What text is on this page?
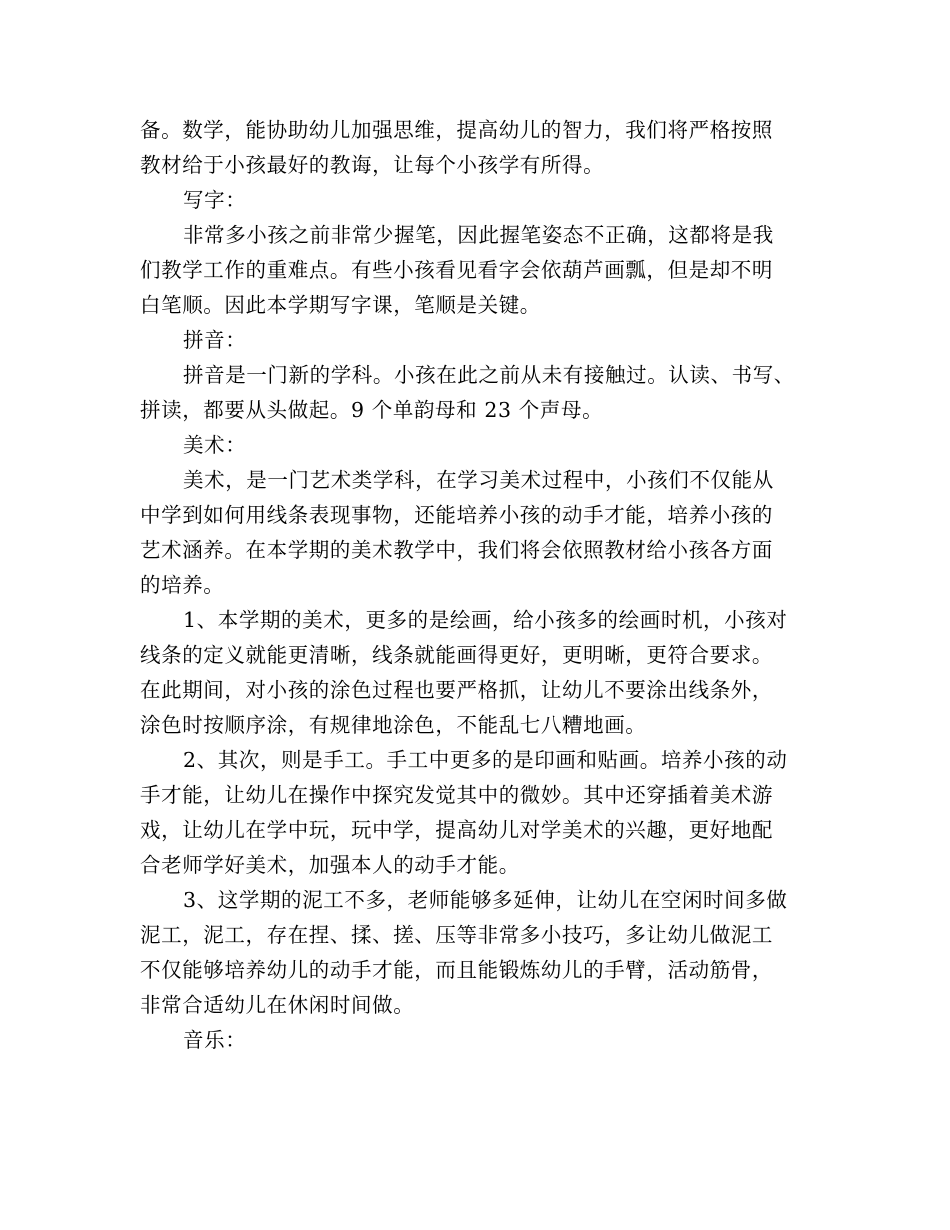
备。数学，能协助幼儿加强思维，提高幼儿的智力，我们将严格按照
教材给于小孩最好的教诲，让每个小孩学有所得。
写字：
非常多小孩之前非常少握笔，因此握笔姿态不正确，这都将是我
们教学工作的重难点。有些小孩看见看字会依葫芦画瓢，但是却不明
白笔顺。因此本学期写字课，笔顺是关键。
拼音：
拼音是一门新的学科。小孩在此之前从未有接触过。认读、书写、
拼读，都要从头做起。9 个单韵母和 23 个声母。
美术：
美术，是一门艺术类学科，在学习美术过程中，小孩们不仅能从
中学到如何用线条表现事物，还能培养小孩的动手才能，培养小孩的
艺术涵养。在本学期的美术教学中，我们将会依照教材给小孩各方面
的培养。
1、本学期的美术，更多的是绘画，给小孩多的绘画时机，小孩对
线条的定义就能更清晰，线条就能画得更好，更明晰，更符合要求。
在此期间，对小孩的涂色过程也要严格抓，让幼儿不要涂出线条外，
涂色时按顺序涂，有规律地涂色，不能乱七八糟地画。
2、其次，则是手工。手工中更多的是印画和贴画。培养小孩的动
手才能，让幼儿在操作中探究发觉其中的微妙。其中还穿插着美术游
戏，让幼儿在学中玩，玩中学，提高幼儿对学美术的兴趣，更好地配
合老师学好美术，加强本人的动手才能。
3、这学期的泥工不多，老师能够多延伸，让幼儿在空闲时间多做
泥工，泥工，存在捏、揉、搓、压等非常多小技巧，多让幼儿做泥工
不仅能够培养幼儿的动手才能，而且能锻炼幼儿的手臂，活动筋骨，
非常合适幼儿在休闲时间做。
音乐：
